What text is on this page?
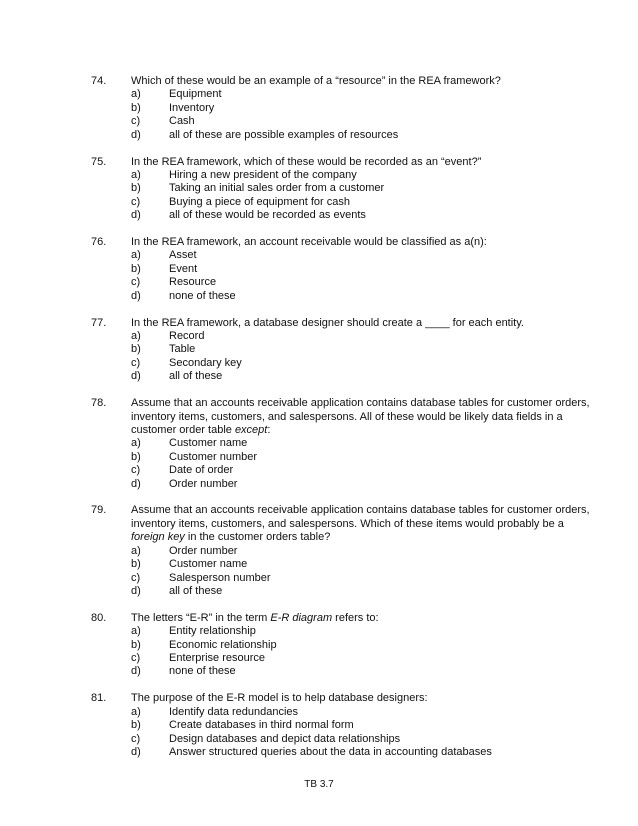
74.	Which of these would be an example of a “resource” in the REA framework?
a)	Equipment
b)	Inventory
c)	Cash
d)	all of these are possible examples of resources
75.	In the REA framework, which of these would be recorded as an “event?”
a)	Hiring a new president of the company
b)	Taking an initial sales order from a customer
c)	Buying a piece of equipment for cash
d)	all of these would be recorded as events
76.	In the REA framework, an account receivable would be classified as a(n):
a)	Asset
b)	Event
c)	Resource
d)	none of these
77.	In the REA framework, a database designer should create a ____ for each entity.
a)	Record
b)	Table
c)	Secondary key
d)	all of these
78.	Assume that an accounts receivable application contains database tables for customer orders, inventory items, customers, and salespersons. All of these would be likely data fields in a customer order table except:
a)	Customer name
b)	Customer number
c)	Date of order
d)	Order number
79.	Assume that an accounts receivable application contains database tables for customer orders, inventory items, customers, and salespersons. Which of these items would probably be a foreign key in the customer orders table?
a)	Order number
b)	Customer name
c)	Salesperson number
d)	all of these
80.	The letters “E-R” in the term E-R diagram refers to:
a)	Entity relationship
b)	Economic relationship
c)	Enterprise resource
d)	none of these
81.	The purpose of the E-R model is to help database designers:
a)	Identify data redundancies
b)	Create databases in third normal form
c)	Design databases and depict data relationships
d)	Answer structured queries about the data in accounting databases
TB 3.7
